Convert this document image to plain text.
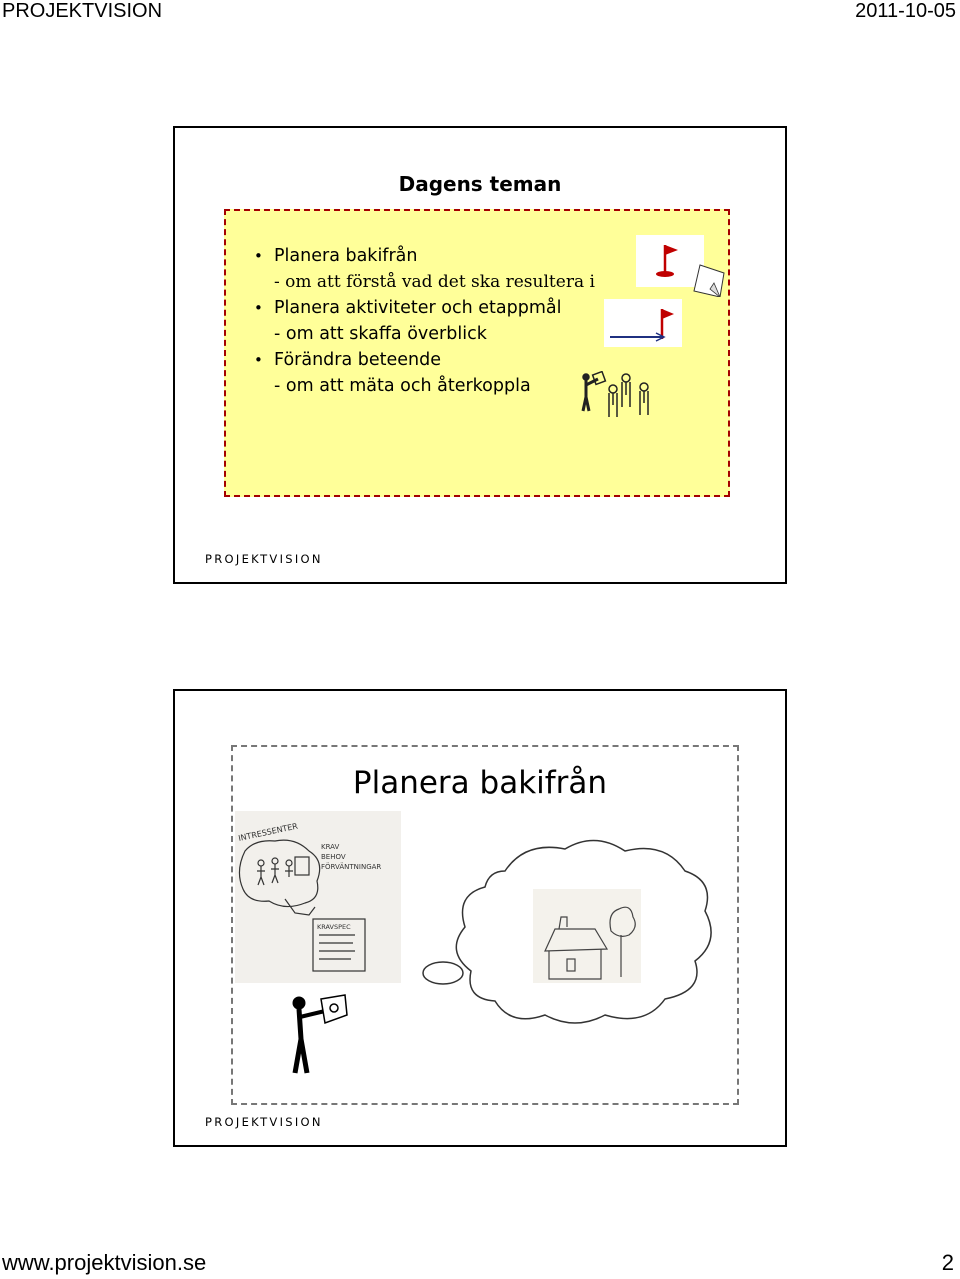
PROJEKTVISION	2011-10-05
Dagens teman
• Planera bakifrån
- om att förstå vad det ska resultera i
• Planera aktiviteter och etappmål
- om att skaffa överblick
• Förändra beteende
- om att mäta och återkoppla
PROJEKTVISION
Planera bakifrån
INTRESSENTER
KRAV
BEHOV
FÖRVÄNTNINGAR
KRAVSPEC
PROJEKTVISION
www.projektvision.se	2
